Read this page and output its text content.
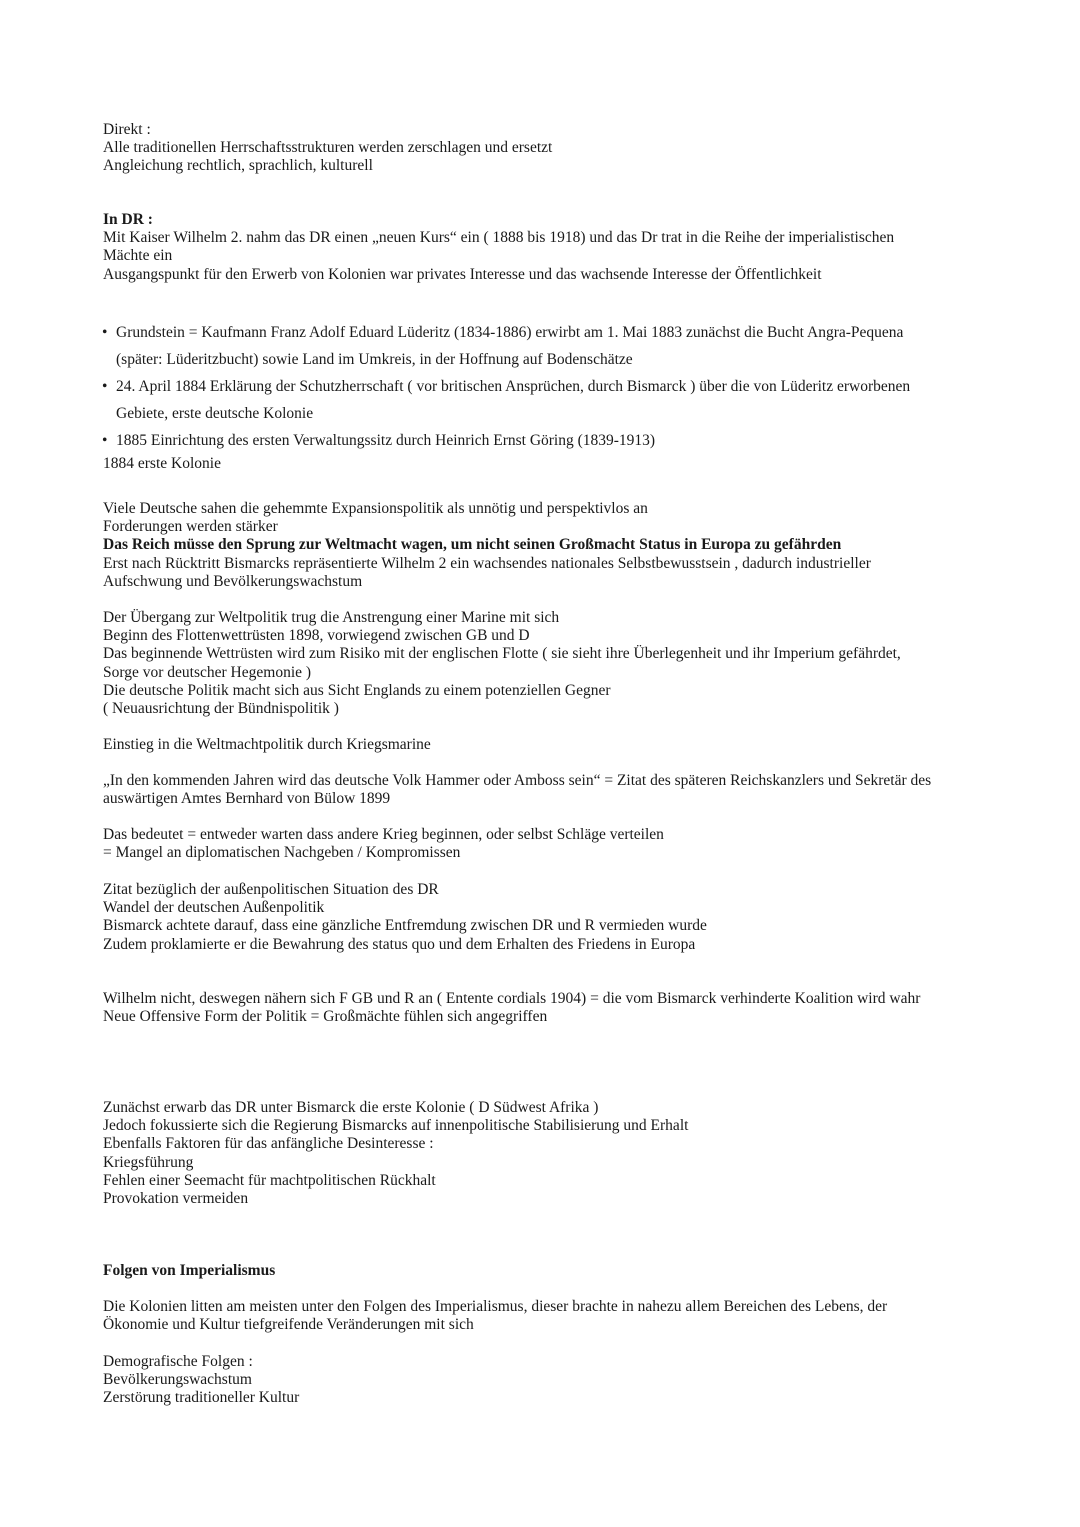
Direkt :
Alle traditionellen Herrschaftsstrukturen werden zerschlagen und ersetzt
Angleichung rechtlich, sprachlich, kulturell
In DR :
Mit Kaiser Wilhelm 2. nahm das DR einen „neuen Kurs“ ein ( 1888 bis 1918) und das Dr trat in die Reihe der imperialistischen
Mächte ein
Ausgangspunkt für den Erwerb von Kolonien war privates Interesse und das wachsende Interesse der Öffentlichkeit
• Grundstein = Kaufmann Franz Adolf Eduard Lüderitz (1834-1886) erwirbt am 1. Mai 1883 zunächst die Bucht Angra-Pequena
(später: Lüderitzbucht) sowie Land im Umkreis, in der Hoffnung auf Bodenschätze
• 24. April 1884 Erklärung der Schutzherrschaft ( vor britischen Ansprüchen, durch Bismarck ) über die von Lüderitz erworbenen
Gebiete, erste deutsche Kolonie
• 1885 Einrichtung des ersten Verwaltungssitz durch Heinrich Ernst Göring (1839-1913)
1884 erste Kolonie
Viele Deutsche sahen die gehemmte Expansionspolitik als unnötig und perspektivlos an
Forderungen werden stärker
Das Reich müsse den Sprung zur Weltmacht wagen, um nicht seinen Großmacht Status in Europa zu gefährden
Erst nach Rücktritt Bismarcks repräsentierte Wilhelm 2 ein wachsendes nationales Selbstbewusstsein , dadurch industrieller
Aufschwung und Bevölkerungswachstum
Der Übergang zur Weltpolitik trug die Anstrengung einer Marine mit sich
Beginn des Flottenwettrüsten 1898, vorwiegend zwischen GB und D
Das beginnende Wettrüsten wird zum Risiko mit der englischen Flotte ( sie sieht ihre Überlegenheit und ihr Imperium gefährdet,
Sorge vor deutscher Hegemonie )
Die deutsche Politik macht sich aus Sicht Englands zu einem potenziellen Gegner
( Neuausrichtung der Bündnispolitik )
Einstieg in die Weltmachtpolitik durch Kriegsmarine
„In den kommenden Jahren wird das deutsche Volk Hammer oder Amboss sein“ = Zitat des späteren Reichskanzlers und Sekretär des
auswärtigen Amtes Bernhard von Bülow 1899
Das bedeutet = entweder warten dass andere Krieg beginnen, oder selbst Schläge verteilen
= Mangel an diplomatischen Nachgeben / Kompromissen
Zitat bezüglich der außenpolitischen Situation des DR
Wandel der deutschen Außenpolitik
Bismarck achtete darauf, dass eine gänzliche Entfremdung zwischen DR und R vermieden wurde
Zudem proklamierte er die Bewahrung des status quo und dem Erhalten des Friedens in Europa
Wilhelm nicht, deswegen nähern sich F GB und R an ( Entente cordials 1904) = die vom Bismarck verhinderte Koalition wird wahr
Neue Offensive Form der Politik = Großmächte fühlen sich angegriffen
Zunächst erwarb das DR unter Bismarck die erste Kolonie ( D Südwest Afrika )
Jedoch fokussierte sich die Regierung Bismarcks auf innenpolitische Stabilisierung und Erhalt
Ebenfalls Faktoren für das anfängliche Desinteresse :
Kriegsführung
Fehlen einer Seemacht für machtpolitischen Rückhalt
Provokation vermeiden
Folgen von Imperialismus
Die Kolonien litten am meisten unter den Folgen des Imperialismus, dieser brachte in nahezu allem Bereichen des Lebens, der
Ökonomie und Kultur tiefgreifende Veränderungen mit sich
Demografische Folgen :
Bevölkerungswachstum
Zerstörung traditioneller Kultur
